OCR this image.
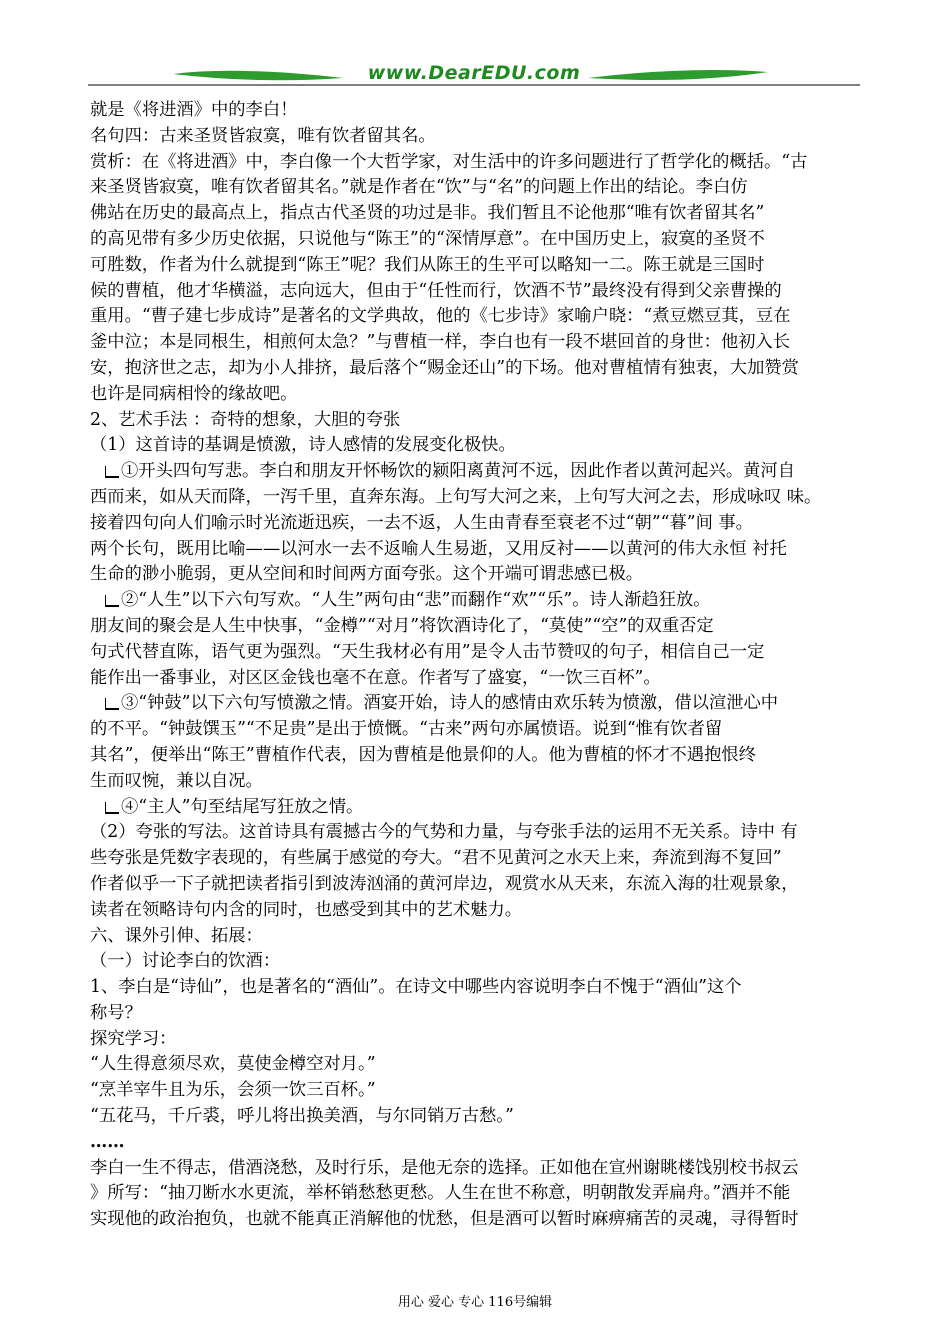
www.DearEDU.com

就是《将进酒》中的李白！

名句四：古来圣贤皆寂寞，唯有饮者留其名。

赏析：在《将进酒》中，李白像一个大哲学家，对生活中的许多问题进行了哲学化的概括。“古

来圣贤皆寂寞，唯有饮者留其名。”就是作者在“饮”与“名”的问题上作出的结论。李白仿

佛站在历史的最高点上，指点古代圣贤的功过是非。我们暂且不论他那“唯有饮者留其名”

的高见带有多少历史依据，只说他与“陈王”的“深情厚意”。在中国历史上，寂寞的圣贤不

可胜数，作者为什么就提到“陈王”呢？我们从陈王的生平可以略知一二。陈王就是三国时

候的曹植，他才华横溢，志向远大，但由于“任性而行，饮酒不节”最终没有得到父亲曹操的

重用。“曹子建七步成诗”是著名的文学典故，他的《七步诗》家喻户晓：“煮豆燃豆萁，豆在

釜中泣；本是同根生，相煎何太急？”与曹植一样，李白也有一段不堪回首的身世：他初入长

安，抱济世之志，却为小人排挤，最后落个“赐金还山”的下场。他对曹植情有独衷，大加赞赏

也许是同病相怜的缘故吧。

2、艺术手法 ：奇特的想象，大胆的夸张

（1）这首诗的基调是愤激，诗人感情的发展变化极快。

①开头四句写悲。李白和朋友开怀畅饮的颍阳离黄河不远，因此作者以黄河起兴。黄河自

西而来，如从天而降，一泻千里，直奔东海。上句写大河之来，上句写大河之去，形成咏叹 味。

接着四句向人们喻示时光流逝迅疾，一去不返，人生由青春至衰老不过“朝”“暮”间 事。

两个长句，既用比喻——以河水一去不返喻人生易逝，又用反衬——以黄河的伟大永恒 衬托

生命的渺小脆弱，更从空间和时间两方面夸张。这个开端可谓悲感已极。

②“人生”以下六句写欢。“人生”两句由“悲”而翻作“欢”“乐”。诗人渐趋狂放。

朋友间的聚会是人生中快事，“金樽”“对月”将饮酒诗化了，“莫使”“空”的双重否定

句式代替直陈，语气更为强烈。“天生我材必有用”是令人击节赞叹的句子，相信自己一定

能作出一番事业，对区区金钱也毫不在意。作者写了盛宴，“一饮三百杯”。

③“钟鼓”以下六句写愤激之情。酒宴开始，诗人的感情由欢乐转为愤激，借以渲泄心中

的不平。“钟鼓馔玉”“不足贵”是出于愤慨。“古来”两句亦属愤语。说到“惟有饮者留

其名”，便举出“陈王”曹植作代表，因为曹植是他景仰的人。他为曹植的怀才不遇抱恨终

生而叹惋，兼以自况。

④“主人”句至结尾写狂放之情。

（2）夸张的写法。这首诗具有震撼古今的气势和力量，与夸张手法的运用不无关系。诗中 有

些夸张是凭数字表现的，有些属于感觉的夸大。“君不见黄河之水天上来，奔流到海不复回”

作者似乎一下子就把读者指引到波涛汹涌的黄河岸边，观赏水从天来，东流入海的壮观景象，

读者在领略诗句内含的同时，也感受到其中的艺术魅力。

六、课外引伸、拓展：

（一）讨论李白的饮酒：

1、李白是“诗仙”，也是著名的“酒仙”。在诗文中哪些内容说明李白不愧于“酒仙”这个

称号？

探究学习：

“人生得意须尽欢，莫使金樽空对月。”

“烹羊宰牛且为乐，会须一饮三百杯。”

“五花马，千斤裘，呼儿将出换美酒，与尔同销万古愁。”

……

李白一生不得志，借酒浇愁，及时行乐，是他无奈的选择。正如他在宣州谢眺楼饯别校书叔云

》所写：“抽刀断水水更流，举杯销愁愁更愁。人生在世不称意，明朝散发弄扁舟。”酒并不能

实现他的政治抱负，也就不能真正消解他的忧愁，但是酒可以暂时麻痹痛苦的灵魂，寻得暂时

用心 爱心 专心 116号编辑
